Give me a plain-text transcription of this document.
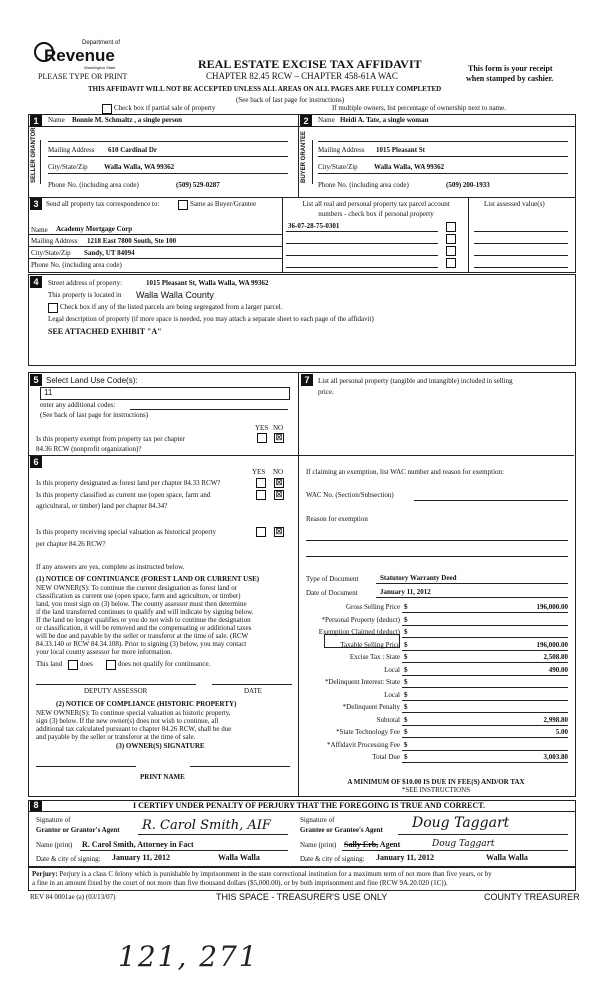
Department of
Revenue
Washington State
PLEASE TYPE OR PRINT
REAL ESTATE EXCISE TAX AFFIDAVIT
CHAPTER 82.45 RCW – CHAPTER 458-61A WAC
This form is your receipt
when stamped by cashier.
THIS AFFIDAVIT WILL NOT BE ACCEPTED UNLESS ALL AREAS ON ALL PAGES ARE FULLY COMPLETED
(See back of last page for instructions)
Check box if partial sale of property	If multiple owners, list percentage of ownership next to name.
1	Name Bonnie M. Schmaltz , a single person
SELLER GRANTOR Mailing Address 610 Cardinal Dr
City/State/Zip Walla Walla, WA 99362
Phone No. (including area code)	(509) 529-0287
2	Name Heidi A. Tate, a single woman
BUYER GRANTEE Mailing Address 1015 Pleasant St
City/State/Zip Walla Walla, WA 99362
Phone No. (including area code)	(509) 200-1933
3	Send all property tax correspondence to:	Same as Buyer/Grantee
Name Academy Mortgage Corp
Mailing Address 1218 East 7800 South, Ste 100
City/State/Zip Sandy, UT 84094
Phone No. (including area code)
List all real and personal property tax parcel account
numbers - check box if personal property
36-07-28-75-0301
List assessed value(s)
4	Street address of property:	1015 Pleasant St, Walla Walla, WA 99362
This property is located in Walla Walla County
Check box if any of the listed parcels are being segregated from a larger parcel.
Legal description of property (if more space is needed, you may attach a separate sheet to each page of the affidavit)
SEE ATTACHED EXHIBIT "A"
5 Select Land Use Code(s):
11
enter any additional codes:
(See back of last page for instructions)
YES NO
Is this property exempt from property tax per chapter
84.36 RCW (nonprofit organization)?
⊠
6
YES NO
Is this property designated as forest land per chapter 84.33 RCW?	⊠
Is this property classified as current use (open space, farm and
agricultural, or timber) land per chapter 84.34?
⊠
Is this property receiving special valuation as historical property
per chapter 84.26 RCW?
⊠
If any answers are yes, complete as instructed below.
(1) NOTICE OF CONTINUANCE (FOREST LAND OR CURRENT USE)
NEW OWNER(S): To continue the current designation as forest land or
classification as current use (open space, farm and agriculture, or timber)
land, you must sign on (3) below. The county assessor must then determine
if the land transferred continues to qualify and will indicate by signing below.
If the land no longer qualifies or you do not wish to continue the designation
or classification, it will be removed and the compensating or additional taxes
will be due and payable by the seller or transferor at the time of sale. (RCW
84.33.140 or RCW 84.34.108). Prior to signing (3) below, you may contact
your local county assessor for more information.
This land	does	does not qualify for continuance.
DEPUTY ASSESSOR	DATE
(2) NOTICE OF COMPLIANCE (HISTORIC PROPERTY)
NEW OWNER(S): To continue special valuation as historic property,
sign (3) below. If the new owner(s) does not wish to continue, all
additional tax calculated pursuant to chapter 84.26 RCW, shall be due
and payable by the seller or transferor at the time of sale.
(3) OWNER(S) SIGNATURE
PRINT NAME
7	List all personal property (tangible and intangible) included in selling
price.
If claiming an exemption, list WAC number and reason for exemption:
WAC No. (Section/Subsection)
Reason for exemption
Type of Document	Statutory Warranty Deed
Date of Document	January 11, 2012
Gross Selling Price $	196,000.00
*Personal Property (deduct) $
Exemption Claimed (deduct) $
Taxable Selling Price $	196,000.00
Excise Tax : State $	2,508.80
Local $	490.00
*Delinquent Interest: State $
Local $
*Delinquent Penalty $
Subtotal $	2,998.80
*State Technology Fee $	5.00
*Affidavit Processing Fee $
Total Due $	3,003.80
A MINIMUM OF $10.00 IS DUE IN FEE(S) AND/OR TAX
*SEE INSTRUCTIONS
8	I CERTIFY UNDER PENALTY OF PERJURY THAT THE FOREGOING IS TRUE AND CORRECT.
Signature of
Grantor or Grantor's Agent R. Carol Smith, AIF
Name (print) R. Carol Smith, Attorney in Fact
Date & city of signing: January 11, 2012	Walla Walla
Signature of
Grantee or Grantee's Agent Doug Taggart
Name (print) Sally Erb, Agent	Doug Taggart
Date & city of signing: January 11, 2012	Walla Walla
Perjury: Perjury is a class C felony which is punishable by imprisonment in the state correctional institution for a maximum term of not more than five years, or by
a fine in an amount fixed by the court of not more than five thousand dollars ($5,000.00), or by both imprisonment and fine (RCW 9A.20.020 (1C)).
REV 84 0001ae (a) (03/13/07)	THIS SPACE - TREASURER'S USE ONLY	COUNTY TREASURER
121, 271
